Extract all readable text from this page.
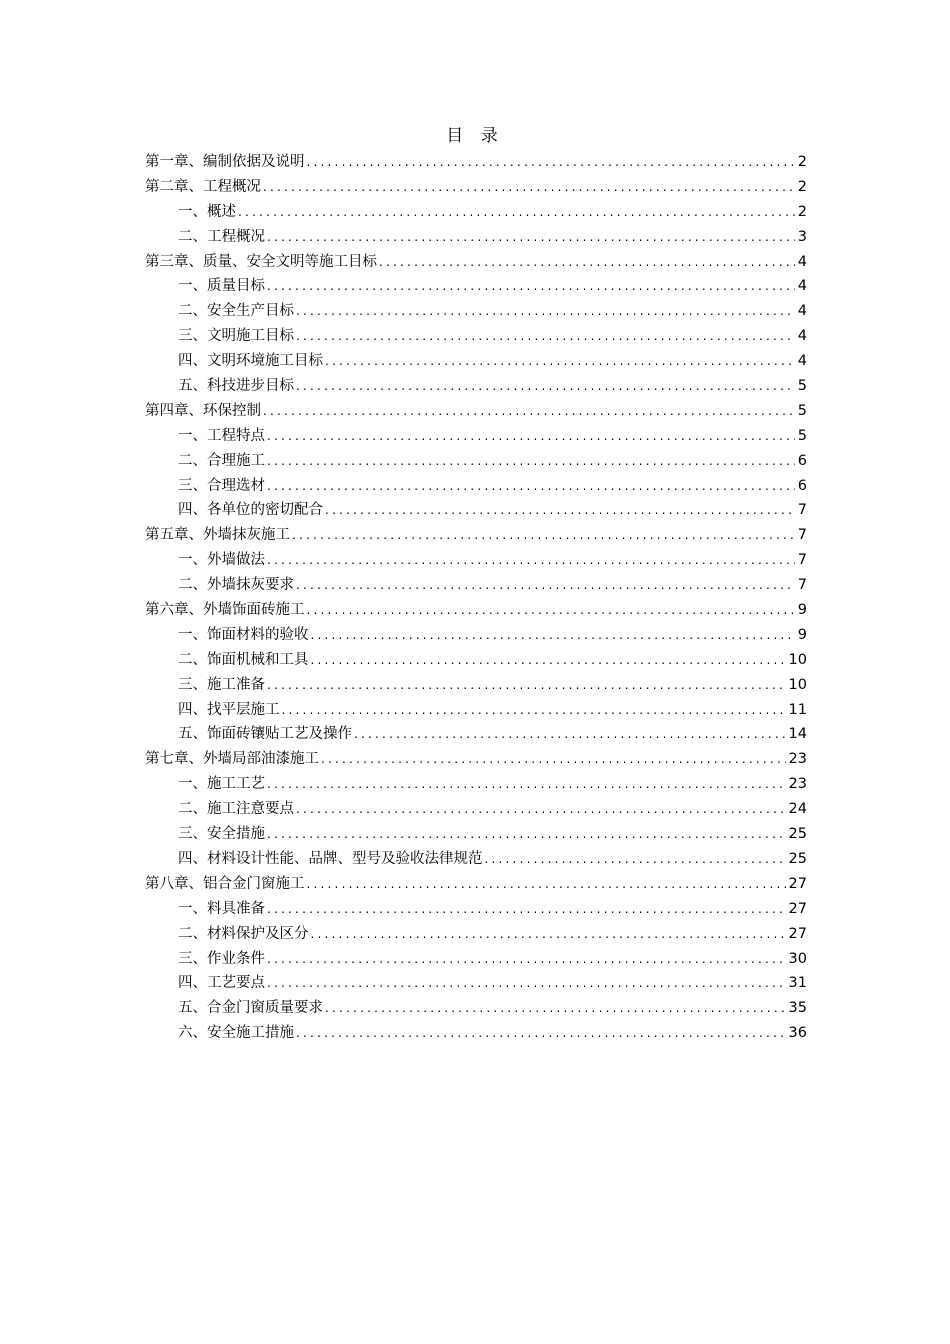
目 录
第一章、编制依据及说明 .....	2
第二章、工程概况 .....	2
一、概述 .....	2
二、工程概况 .....	3
第三章、质量、安全文明等施工目标 .....	4
一、质量目标 .....	4
二、安全生产目标 .....	4
三、文明施工目标 .....	4
四、文明环境施工目标 .....	4
五、科技进步目标 .....	5
第四章、环保控制 .....	5
一、工程特点 .....	5
二、合理施工 .....	6
三、合理选材 .....	6
四、各单位的密切配合 .....	7
第五章、外墙抹灰施工 .....	7
一、外墙做法 .....	7
二、外墙抹灰要求 .....	7
第六章、外墙饰面砖施工 .....	9
一、饰面材料的验收 .....	9
二、饰面机械和工具 .....	10
三、施工准备 .....	10
四、找平层施工 .....	11
五、饰面砖镶贴工艺及操作 .....	14
第七章、外墙局部油漆施工 .....	23
一、施工工艺 .....	23
二、施工注意要点 .....	24
三、安全措施 .....	25
四、材料设计性能、品牌、型号及验收法律规范 .....	25
第八章、铝合金门窗施工 .....	27
一、料具准备 .....	27
二、材料保护及区分 .....	27
三、作业条件 .....	30
四、工艺要点 .....	31
五、合金门窗质量要求 .....	35
六、安全施工措施 .....	36
